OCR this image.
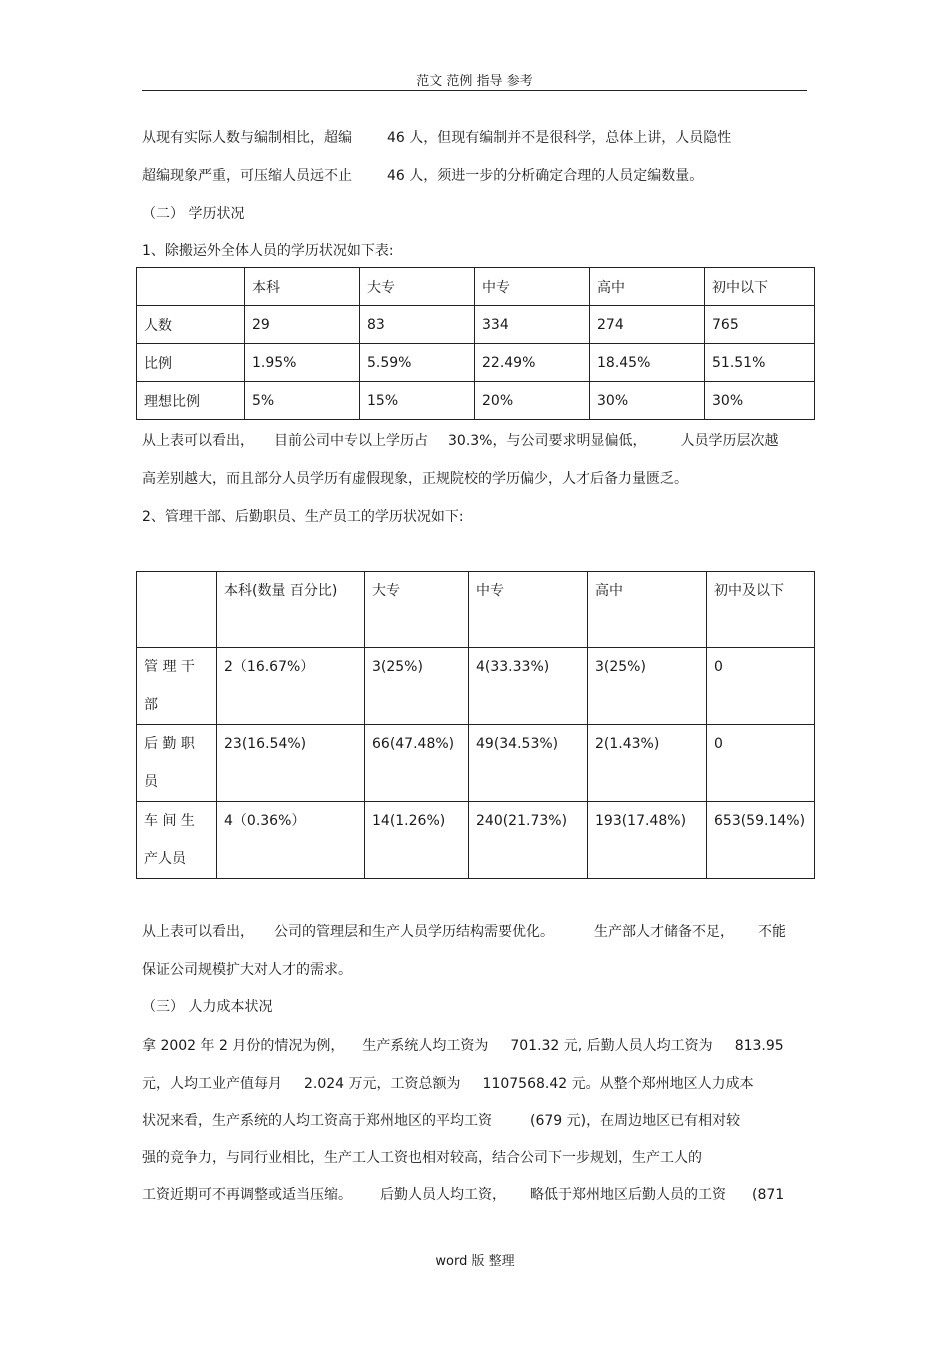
范文 范例 指导 参考
从现有实际人数与编制相比，超编	46 人，但现有编制并不是很科学，总体上讲，人员隐性
超编现象严重，可压缩人员远不止	46 人，须进一步的分析确定合理的人员定编数量。
（二） 学历状况
1、除搬运外全体人员的学历状况如下表:
	本科	大专	中专	高中	初中以下
人数	29	83	334	274	765
比例	1.95%	5.59%	22.49%	18.45%	51.51%
理想比例	5%	15%	20%	30%	30%
从上表可以看出， 目前公司中专以上学历占 30.3%，与公司要求明显偏低， 人员学历层次越
高差别越大，而且部分人员学历有虚假现象，正规院校的学历偏少，人才后备力量匮乏。
2、管理干部、后勤职员、生产员工的学历状况如下:
	本科(数量 百分比)	大专	中专	高中	初中及以下
管 理 干 部	2（16.67%）	3(25%)	4(33.33%)	3(25%)	0
后 勤 职 员	23(16.54%)	66(47.48%)	49(34.53%)	2(1.43%)	0
车 间 生 产人员	4（0.36%）	14(1.26%)	240(21.73%)	193(17.48%)	653(59.14%)
从上表可以看出， 公司的管理层和生产人员学历结构需要优化。	生产部人才储备不足， 不能
保证公司规模扩大对人才的需求。
（三） 人力成本状况
拿 2002 年 2 月份的情况为例， 生产系统人均工资为 701.32 元, 后勤人员人均工资为 813.95
元，人均工业产值每月 2.024 万元，工资总额为 1107568.42 元。从整个郑州地区人力成本
状况来看，生产系统的人均工资高于郑州地区的平均工资	(679 元)，在周边地区已有相对较
强的竞争力，与同行业相比，生产工人工资也相对较高，结合公司下一步规划，生产工人的
工资近期可不再调整或适当压缩。 后勤人员人均工资， 略低于郑州地区后勤人员的工资 (871
word 版 整理
